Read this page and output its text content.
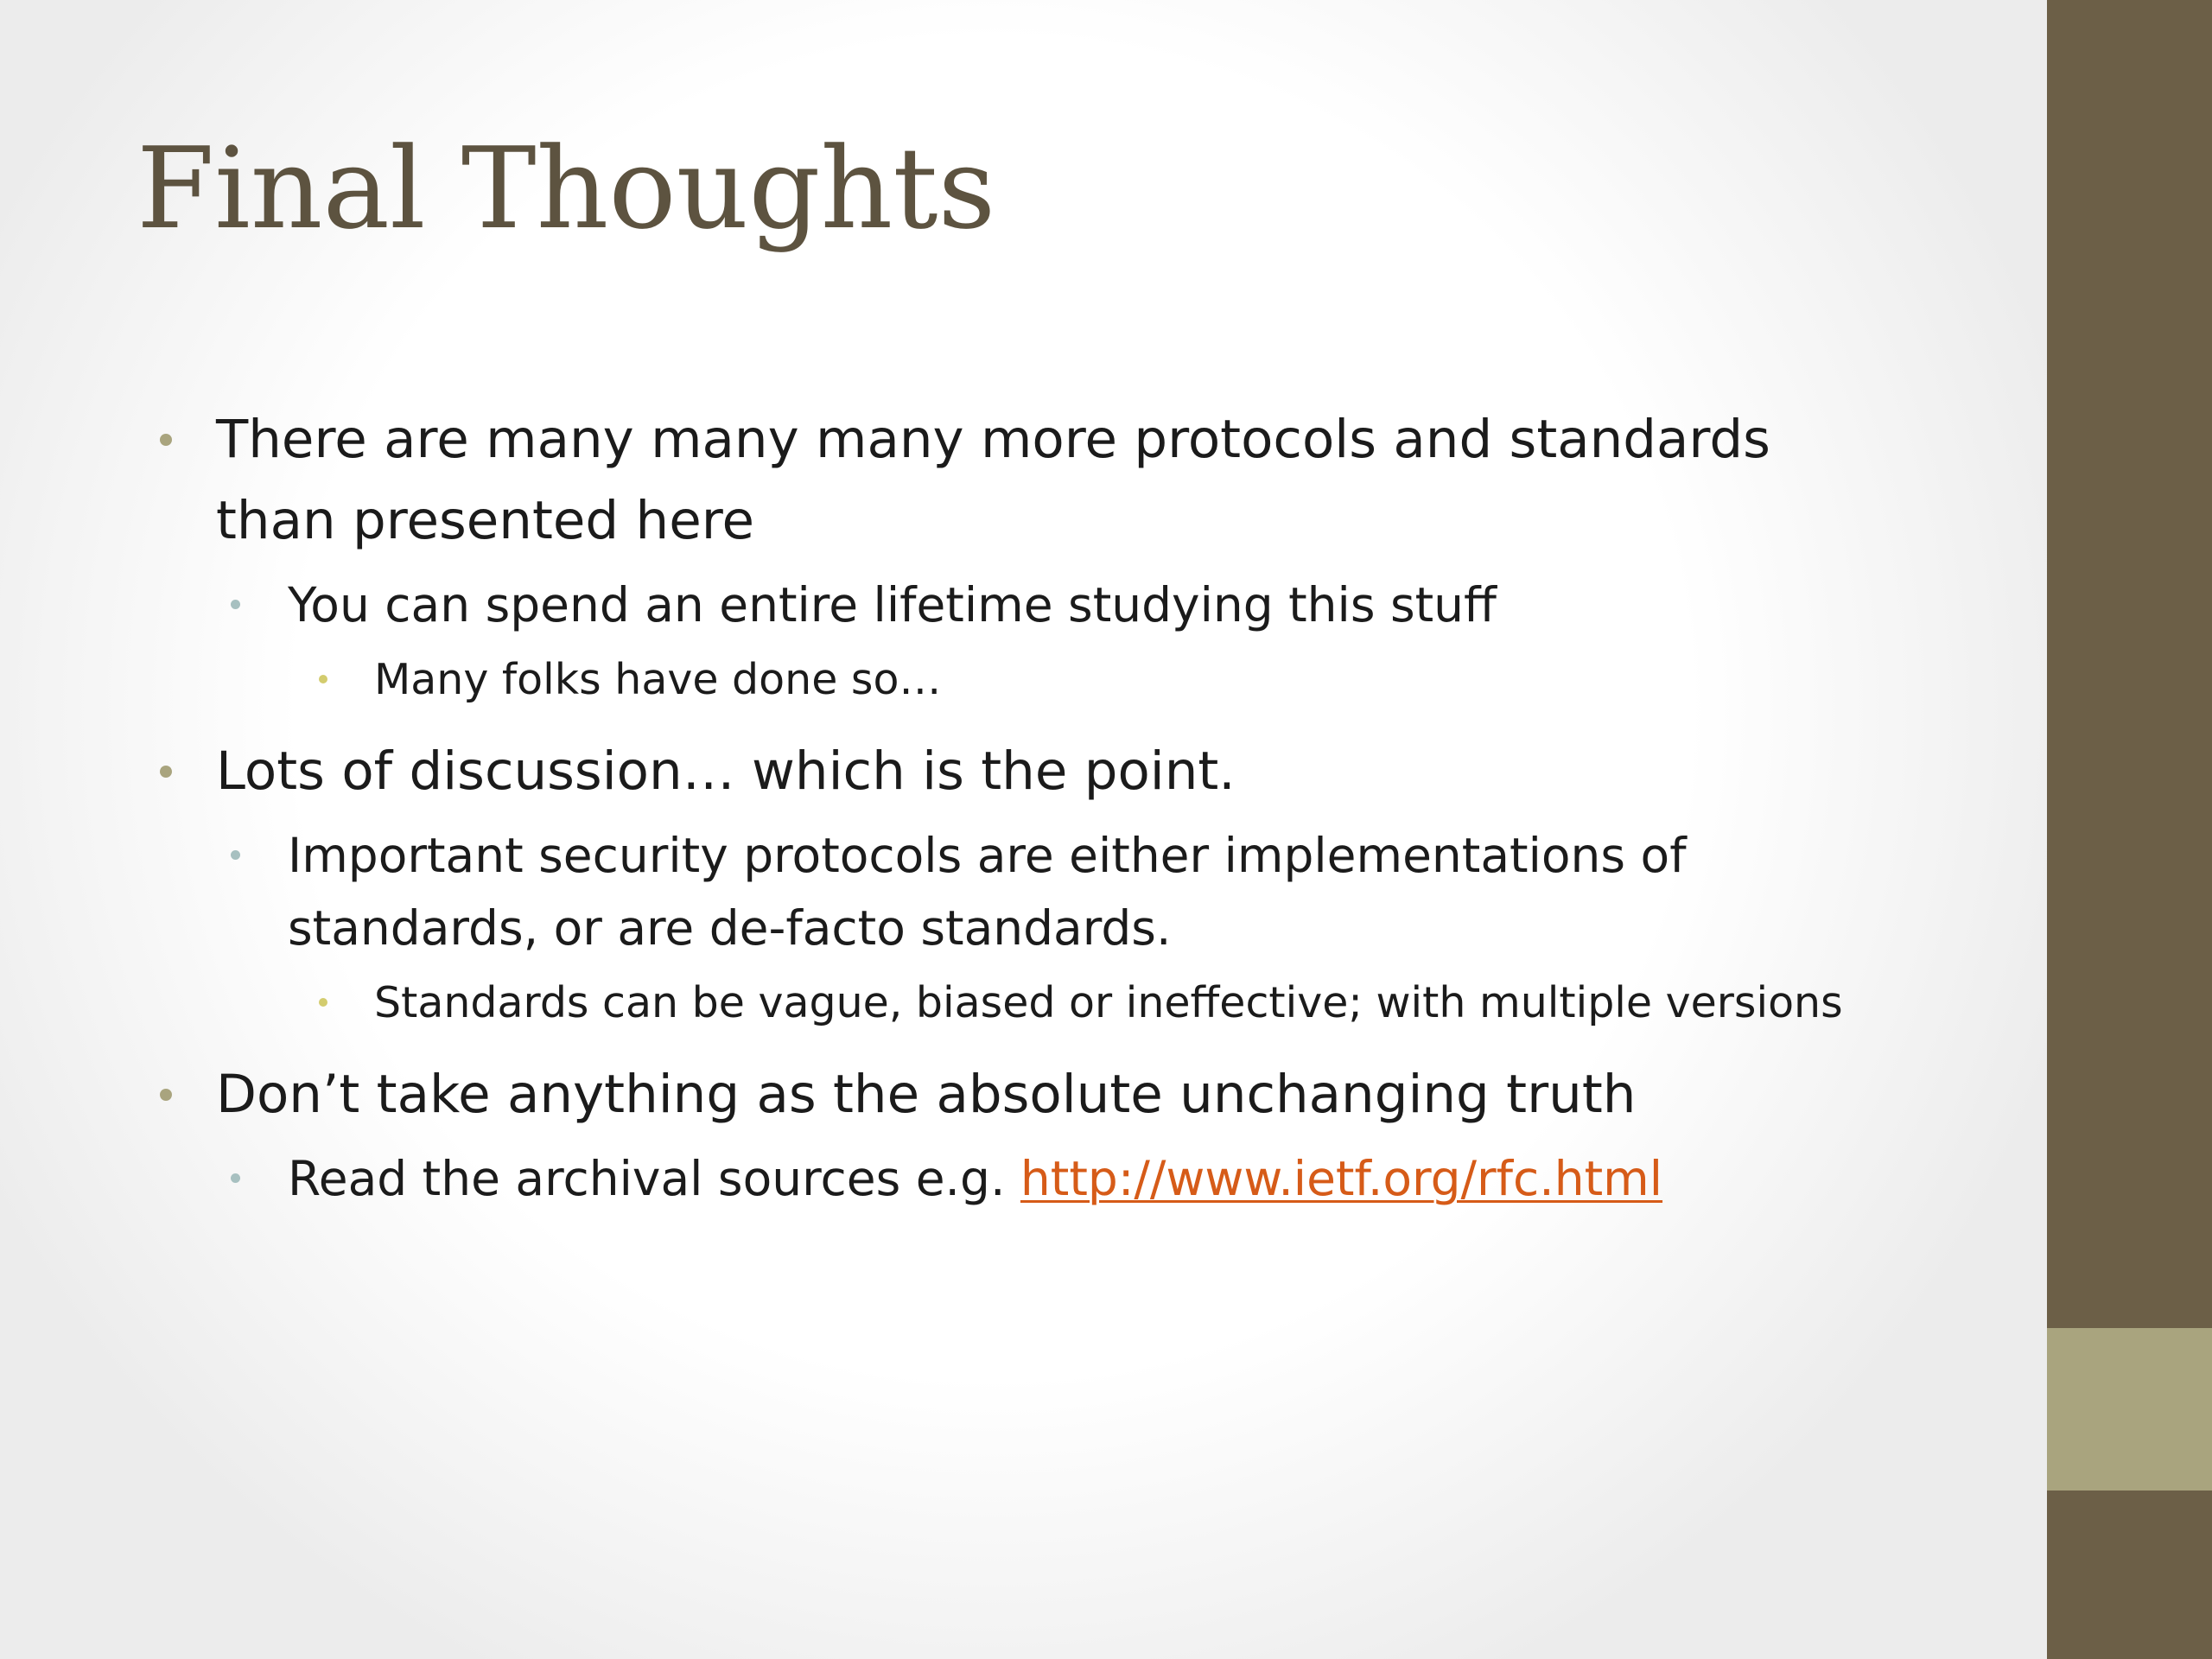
Final Thoughts
There are many many many more protocols and standards
than presented here
You can spend an entire lifetime studying this stuff
Many folks have done so…
Lots of discussion… which is the point.
Important security protocols are either implementations of
standards, or are de-facto standards.
Standards can be vague, biased or ineffective; with multiple versions
Don’t take anything as the absolute unchanging truth
Read the archival sources e.g. http://www.ietf.org/rfc.html
